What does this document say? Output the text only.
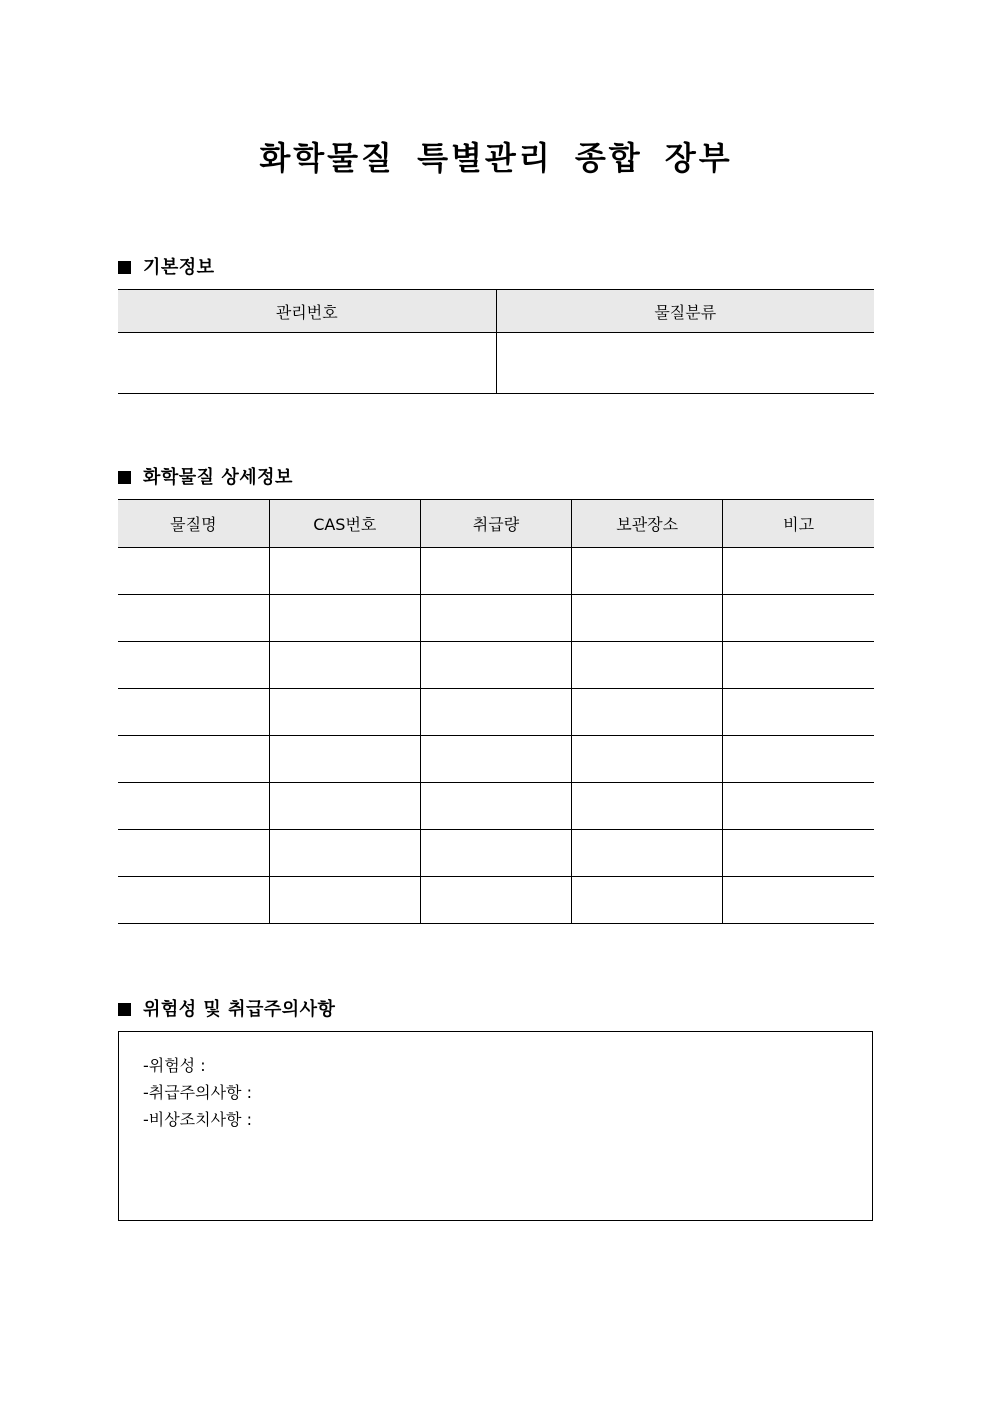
화학물질 특별관리 종합 장부
기본정보
관리번호	물질분류

화학물질 상세정보
물질명	CAS번호	취급량	보관장소	비고

위험성 및 취급주의사항
-위험성 :
-취급주의사항 :
-비상조치사항 :
